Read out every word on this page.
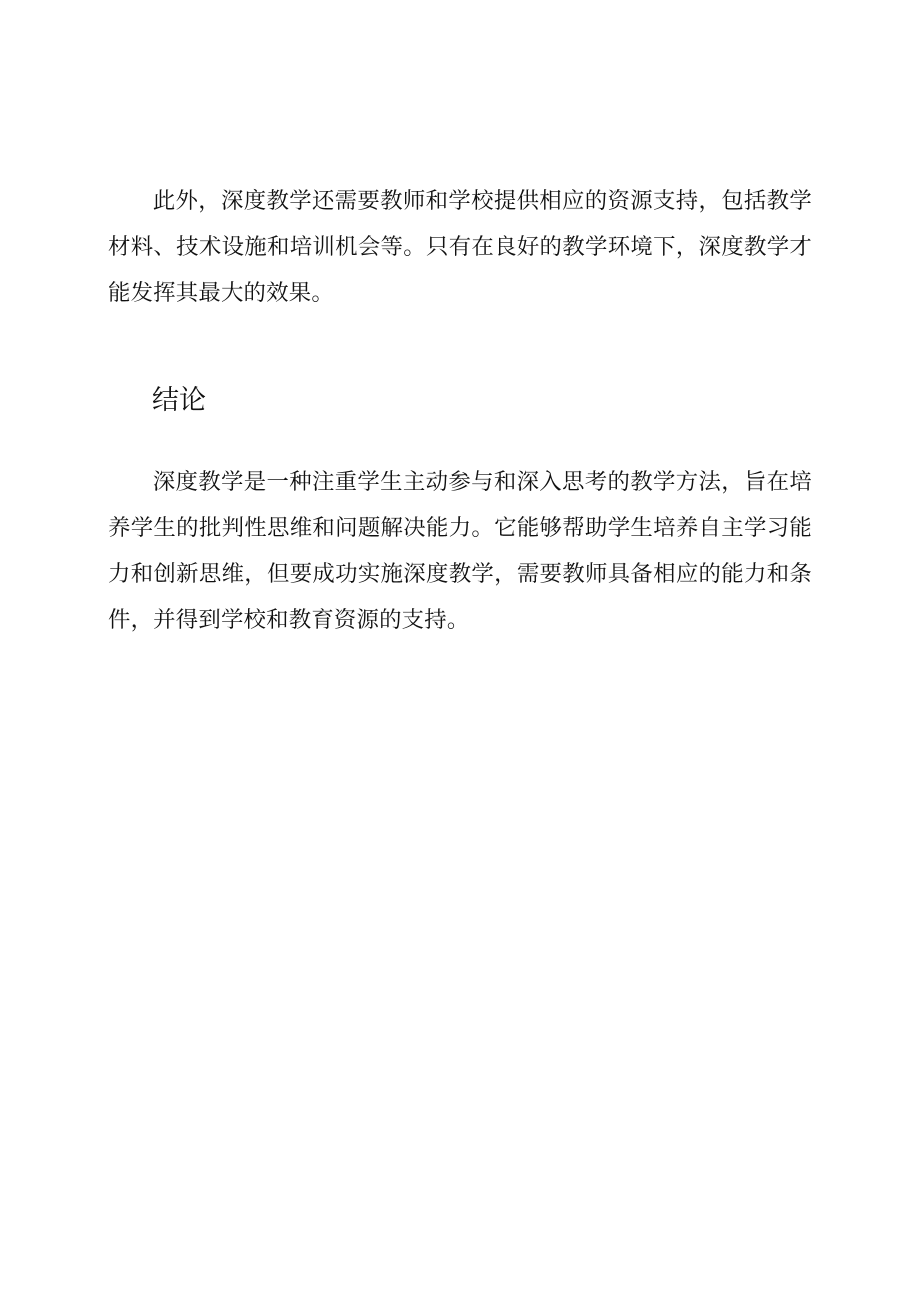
此外，深度教学还需要教师和学校提供相应的资源支持，包括教学材料、技术设施和培训机会等。只有在良好的教学环境下，深度教学才能发挥其最大的效果。

结论

深度教学是一种注重学生主动参与和深入思考的教学方法，旨在培养学生的批判性思维和问题解决能力。它能够帮助学生培养自主学习能力和创新思维，但要成功实施深度教学，需要教师具备相应的能力和条件，并得到学校和教育资源的支持。
